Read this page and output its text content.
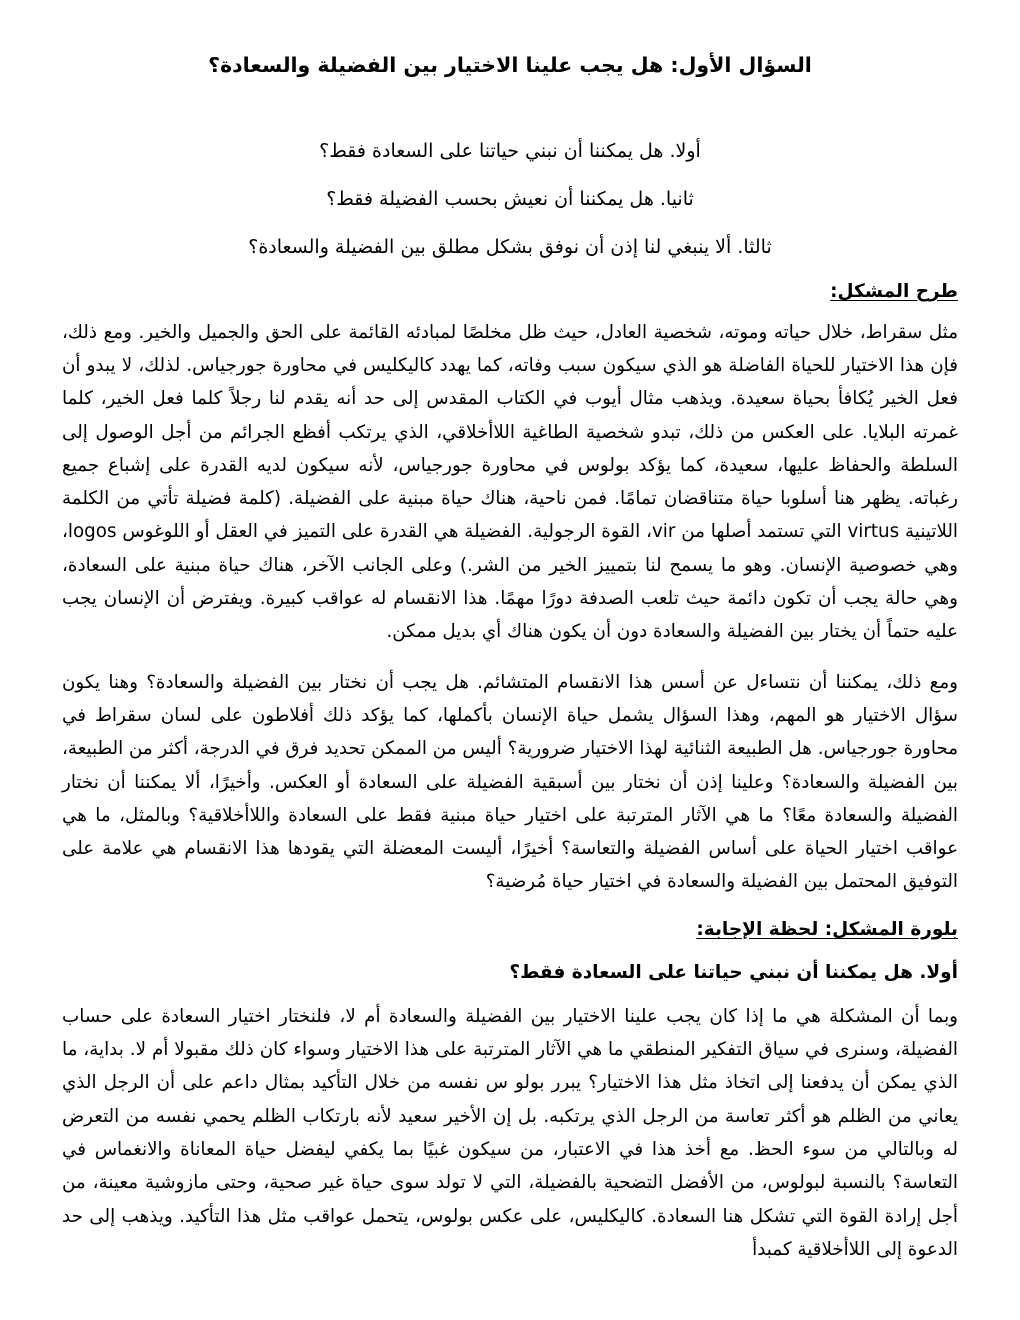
السؤال الأول: هل يجب علينا الاختيار بين الفضيلة والسعادة؟
أولا. هل يمكننا أن نبني حياتنا على السعادة فقط؟
ثانيا. هل يمكننا أن نعيش بحسب الفضيلة فقط؟
ثالثا. ألا ينبغي لنا إذن أن نوفق بشكل مطلق بين الفضيلة والسعادة؟
طرح المشكل:

مثل سقراط، خلال حياته وموته، شخصية العادل، حيث ظل مخلصًا لمبادئه القائمة على الحق والجميل والخير. ومع ذلك، فإن هذا الاختيار للحياة الفاضلة هو الذي سيكون سبب وفاته، كما يهدد كاليكليس في محاورة جورجياس. لذلك، لا يبدو أن فعل الخير يُكافأ بحياة سعيدة. ويذهب مثال أيوب في الكتاب المقدس إلى حد أنه يقدم لنا رجلاً كلما فعل الخير، كلما غمرته البلايا. على العكس من ذلك، تبدو شخصية الطاغية اللاأخلاقي، الذي يرتكب أفظع الجرائم من أجل الوصول إلى السلطة والحفاظ عليها، سعيدة، كما يؤكد بولوس في محاورة جورجياس، لأنه سيكون لديه القدرة على إشباع جميع رغباته. يظهر هنا أسلوبا حياة متناقضان تمامًا. فمن ناحية، هناك حياة مبنية على الفضيلة. (كلمة فضيلة تأتي من الكلمة اللاتينية virtus التي تستمد أصلها من vir، القوة الرجولية. الفضيلة هي القدرة على التميز في العقل أو اللوغوس logos، وهي خصوصية الإنسان. وهو ما يسمح لنا بتمييز الخير من الشر.) وعلى الجانب الآخر، هناك حياة مبنية على السعادة، وهي حالة يجب أن تكون دائمة حيث تلعب الصدفة دورًا مهمًا. هذا الانقسام له عواقب كبيرة. ويفترض أن الإنسان يجب عليه حتماً أن يختار بين الفضيلة والسعادة دون أن يكون هناك أي بديل ممكن.

ومع ذلك، يمكننا أن نتساءل عن أسس هذا الانقسام المتشائم. هل يجب أن نختار بين الفضيلة والسعادة؟ وهنا يكون سؤال الاختيار هو المهم، وهذا السؤال يشمل حياة الإنسان بأكملها، كما يؤكد ذلك أفلاطون على لسان سقراط في محاورة جورجياس. هل الطبيعة الثنائية لهذا الاختيار ضرورية؟ أليس من الممكن تحديد فرق في الدرجة، أكثر من الطبيعة، بين الفضيلة والسعادة؟ وعلينا إذن أن نختار بين أسبقية الفضيلة على السعادة أو العكس. وأخيرًا، ألا يمكننا أن نختار الفضيلة والسعادة معًا؟ ما هي الآثار المترتبة على اختيار حياة مبنية فقط على السعادة واللاأخلاقية؟ وبالمثل، ما هي عواقب اختيار الحياة على أساس الفضيلة والتعاسة؟ أخيرًا، أليست المعضلة التي يقودها هذا الانقسام هي علامة على التوفيق المحتمل بين الفضيلة والسعادة في اختيار حياة مُرضية؟

بلورة المشكل: لحظة الإجابة:
أولا. هل يمكننا أن نبني حياتنا على السعادة فقط؟

وبما أن المشكلة هي ما إذا كان يجب علينا الاختيار بين الفضيلة والسعادة أم لا، فلنختار اختيار السعادة على حساب الفضيلة، وسنرى في سياق التفكير المنطقي ما هي الآثار المترتبة على هذا الاختيار وسواء كان ذلك مقبولا أم لا. بداية، ما الذي يمكن أن يدفعنا إلى اتخاذ مثل هذا الاختيار؟ يبرر بولو س نفسه من خلال التأكيد بمثال داعم على أن الرجل الذي يعاني من الظلم هو أكثر تعاسة من الرجل الذي يرتكبه. بل إن الأخير سعيد لأنه بارتكاب الظلم يحمي نفسه من التعرض له وبالتالي من سوء الحظ. مع أخذ هذا في الاعتبار، من سيكون غبيًا بما يكفي ليفضل حياة المعاناة والانغماس في التعاسة؟ بالنسبة لبولوس، من الأفضل التضحية بالفضيلة، التي لا تولد سوى حياة غير صحية، وحتى مازوشية معينة، من أجل إرادة القوة التي تشكل هنا السعادة. كاليكليس، على عكس بولوس، يتحمل عواقب مثل هذا التأكيد. ويذهب إلى حد الدعوة إلى اللاأخلاقية كمبدأ
